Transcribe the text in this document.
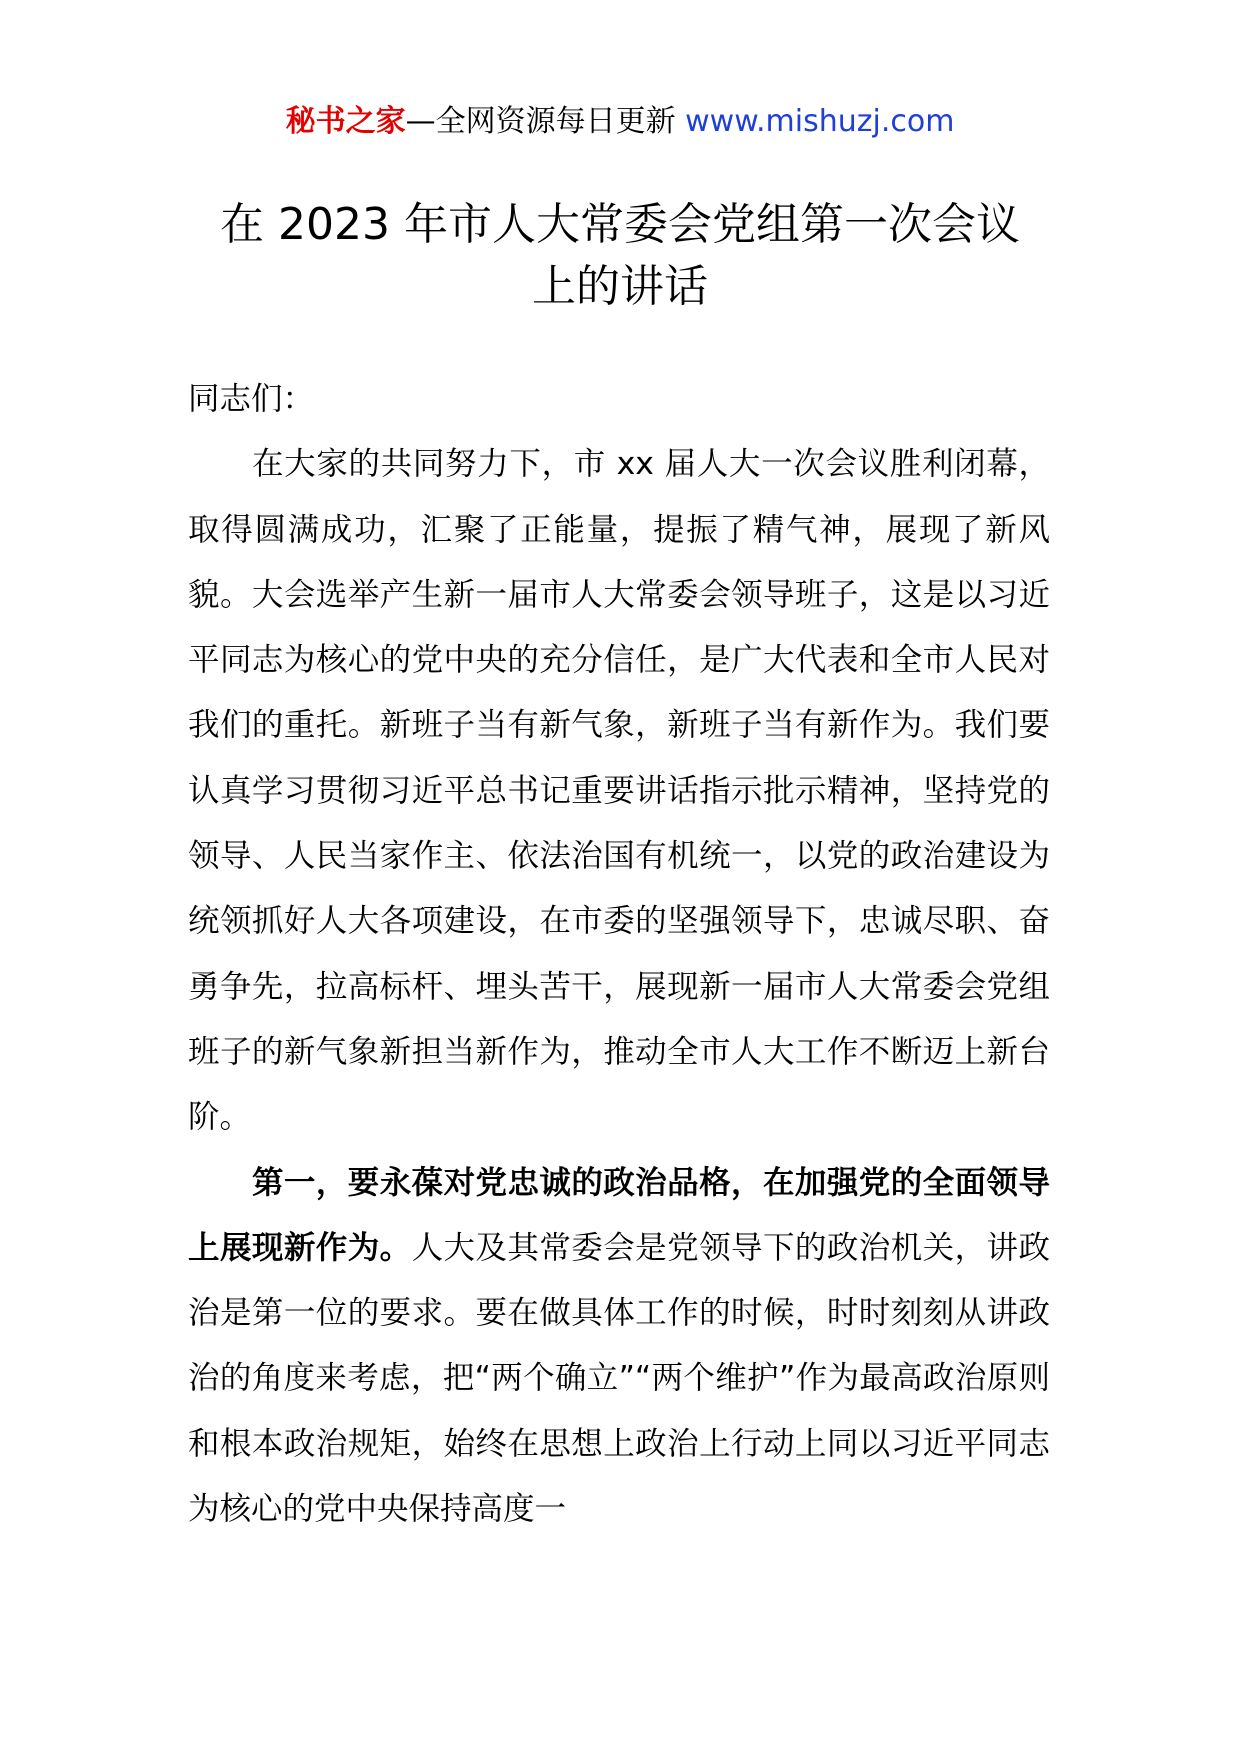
秘书之家—全网资源每日更新 www.mishuzj.com
在 2023 年市人大常委会党组第一次会议
上的讲话

同志们：

在大家的共同努力下，市 xx 届人大一次会议胜利闭幕，取得圆满成功，汇聚了正能量，提振了精气神，展现了新风貌。大会选举产生新一届市人大常委会领导班子，这是以习近平同志为核心的党中央的充分信任，是广大代表和全市人民对我们的重托。新班子当有新气象，新班子当有新作为。我们要认真学习贯彻习近平总书记重要讲话指示批示精神，坚持党的领导、人民当家作主、依法治国有机统一，以党的政治建设为统领抓好人大各项建设，在市委的坚强领导下，忠诚尽职、奋勇争先，拉高标杆、埋头苦干，展现新一届市人大常委会党组班子的新气象新担当新作为，推动全市人大工作不断迈上新台阶。

第一，要永葆对党忠诚的政治品格，在加强党的全面领导上展现新作为。人大及其常委会是党领导下的政治机关，讲政治是第一位的要求。要在做具体工作的时候，时时刻刻从讲政治的角度来考虑，把“两个确立”“两个维护”作为最高政治原则和根本政治规矩，始终在思想上政治上行动上同以习近平同志为核心的党中央保持高度一
